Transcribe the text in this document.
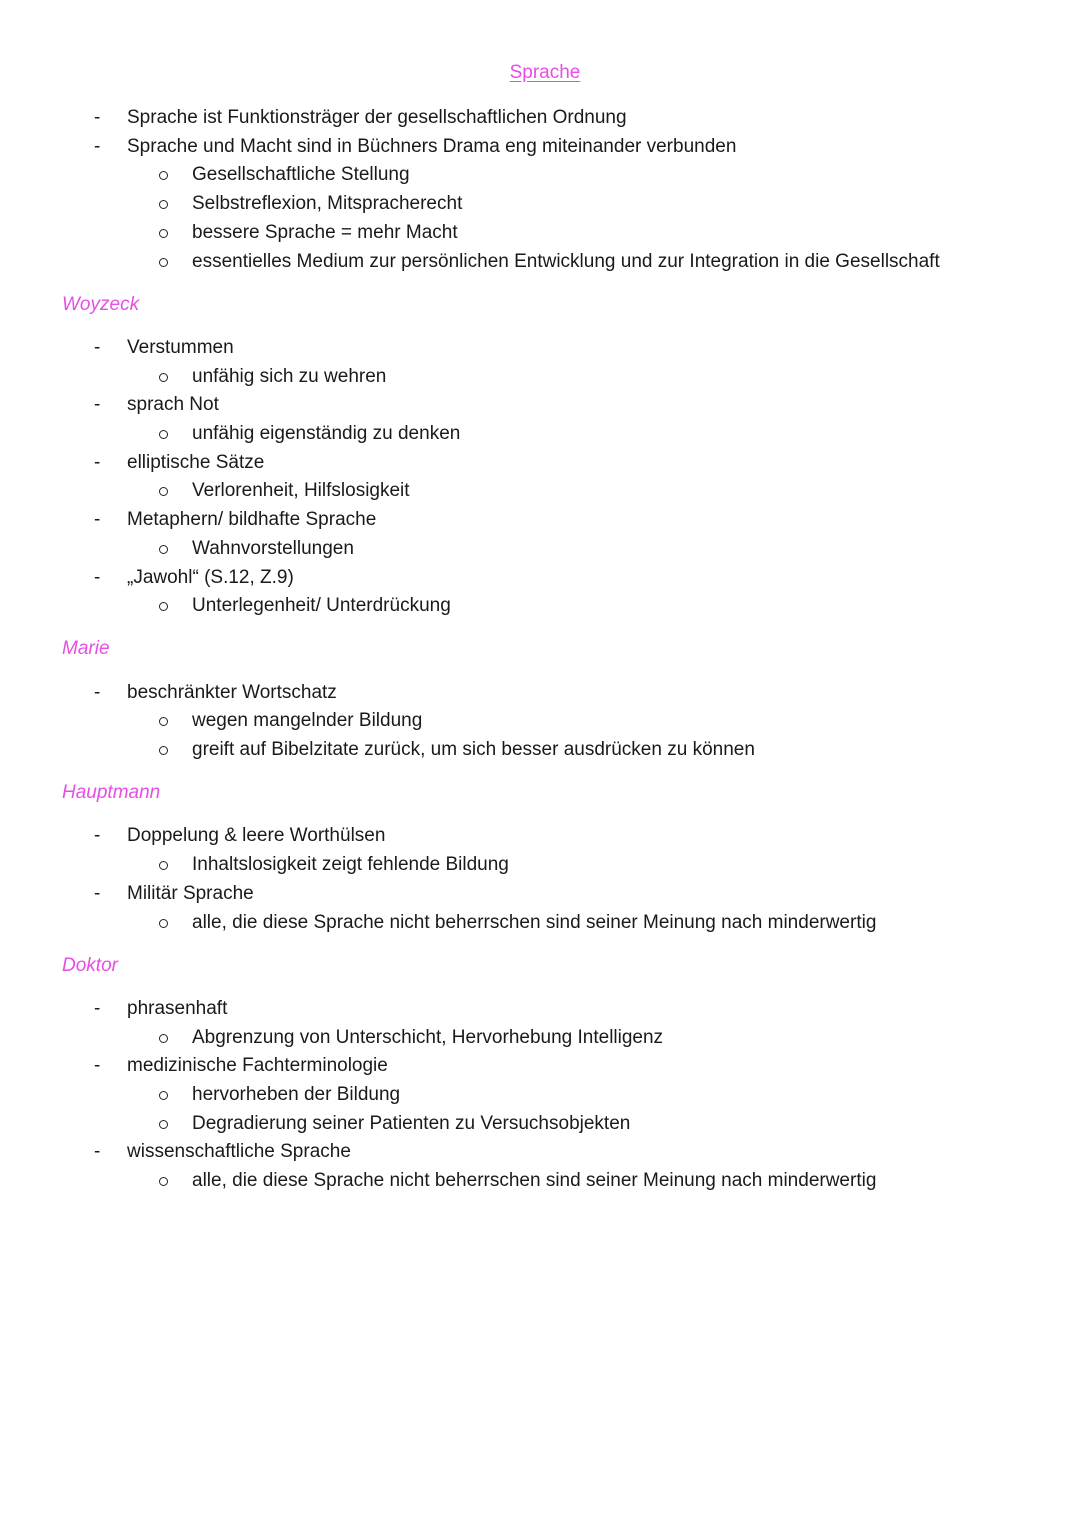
Sprache
- Sprache ist Funktionsträger der gesellschaftlichen Ordnung
- Sprache und Macht sind in Büchners Drama eng miteinander verbunden
Gesellschaftliche Stellung
Selbstreflexion, Mitspracherecht
bessere Sprache = mehr Macht
essentielles Medium zur persönlichen Entwicklung und zur Integration in die Gesellschaft
Woyzeck
- Verstummen
unfähig sich zu wehren
- sprach Not
unfähig eigenständig zu denken
- elliptische Sätze
Verlorenheit, Hilfslosigkeit
- Metaphern/ bildhafte Sprache
Wahnvorstellungen
- „Jawohl“ (S.12, Z.9)
Unterlegenheit/ Unterdrückung
Marie
- beschränkter Wortschatz
wegen mangelnder Bildung
greift auf Bibelzitate zurück, um sich besser ausdrücken zu können
Hauptmann
- Doppelung & leere Worthülsen
Inhaltslosigkeit zeigt fehlende Bildung
- Militär Sprache
alle, die diese Sprache nicht beherrschen sind seiner Meinung nach minderwertig
Doktor
- phrasenhaft
Abgrenzung von Unterschicht, Hervorhebung Intelligenz
- medizinische Fachterminologie
hervorheben der Bildung
Degradierung seiner Patienten zu Versuchsobjekten
- wissenschaftliche Sprache
alle, die diese Sprache nicht beherrschen sind seiner Meinung nach minderwertig
